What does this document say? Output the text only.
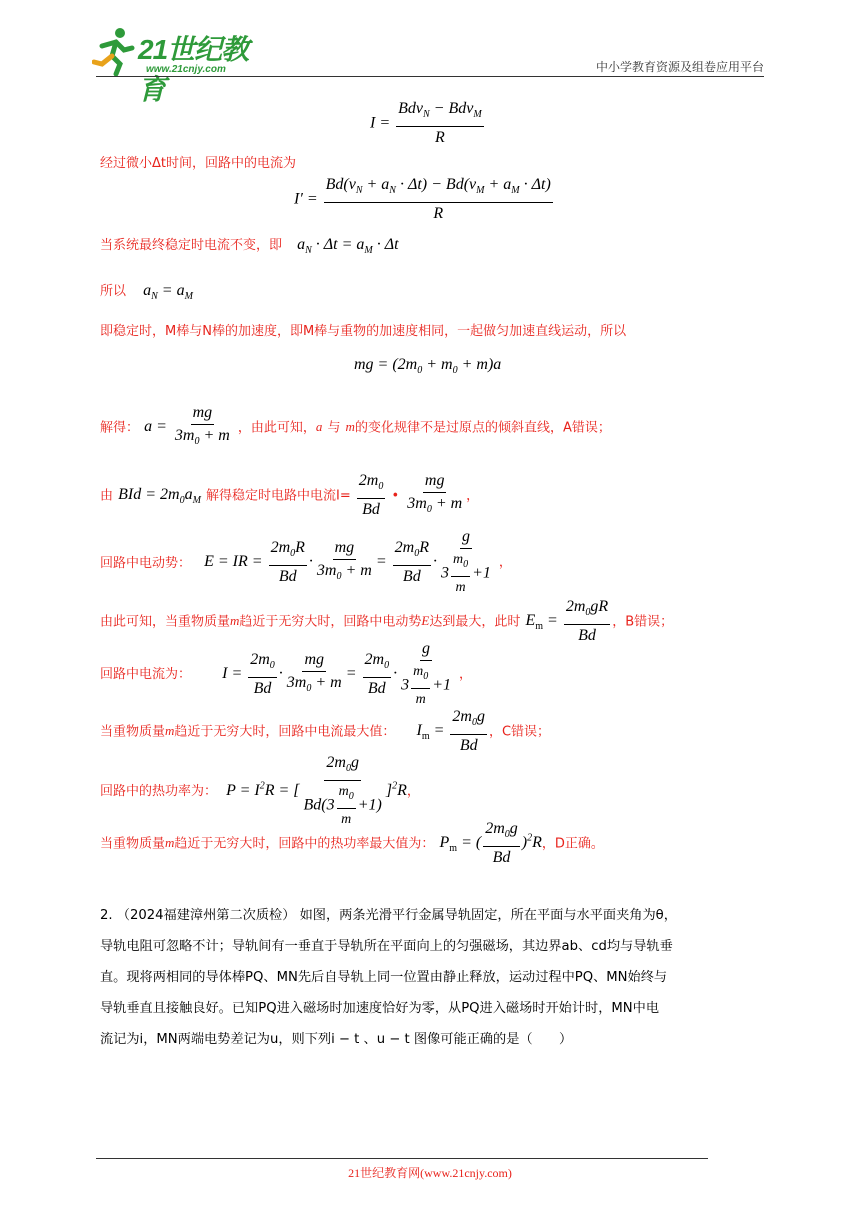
21世纪教育
www.21cnjy.com	中小学教育资源及组卷应用平台
$I = \frac{Bdv_N - Bdv_M}{R}$
经过微小Δt时间，回路中的电流为
$I' = \frac{Bd(v_N + a_N \cdot \Delta t) - Bd(v_M + a_M \cdot \Delta t)}{R}$
当系统最终稳定时电流不变，即 $a_N \cdot \Delta t = a_M \cdot \Delta t$
所以 $a_N = a_M$
即稳定时，M棒与N棒的加速度，即M棒与重物的加速度相同，一起做匀加速直线运动，所以
mg = $(2m_0 + m_0 + m)a$
解得： $a = \frac{mg}{3m_0 + m}$ ，由此可知，a 与 m的变化规律不是过原点的倾斜直线，A错误；
由 BId = $2m_0a_M$ 解得稳定时电路中电流$I= \frac{2m_0}{Bd}$ • $\frac{mg}{3m_0 + m}$ ，
回路中电动势： E = IR = $\frac{2m_0R}{Bd} \cdot \frac{mg}{3m_0 + m} = \frac{2m_0R}{Bd} \cdot \frac{g}{3 \frac{m_0}{m} +1}$ ，
由此可知，当重物质量m趋近于无穷大时，回路中电动势E达到最大，此时 $E_m = \frac{2m_0gR}{Bd}$ ，B错误；
回路中电流为： $I = \frac{2m_0}{Bd} \cdot \frac{mg}{3m_0 + m} = \frac{2m_0}{Bd} \cdot \frac{g}{3 \frac{m_0}{m} +1}$ ，
当重物质量m趋近于无穷大时，回路中电流最大值： $I_m = \frac{2m_0g}{Bd}$ ，C错误；
回路中的热功率为： $P = I^2R$ = [ $\frac{2m_0g}{Bd(3 \frac{m_0}{m} +1)} ]^2R$，
当重物质量m趋近于无穷大时，回路中的热功率最大值为： $P_m$ = ( $\frac{2m_0g}{Bd} )^2R$，D正确。
2. （2024福建漳州第二次质检） 如图，两条光滑平行金属导轨固定，所在平面与水平面夹角为θ，
导轨电阻可忽略不计；导轨间有一垂直于导轨所在平面向上的匀强磁场，其边界ab、cd均与导轨垂
直。现将两相同的导体棒PQ、MN先后自导轨上同一位置由静止释放，运动过程中PQ、MN始终与
导轨垂直且接触良好。已知PQ进入磁场时加速度恰好为零，从PQ进入磁场时开始计时，MN中电
流记为i，MN两端电势差记为u，则下列i − t 、u − t 图像可能正确的是（　　）
21世纪教育网(www.21cnjy.com)
